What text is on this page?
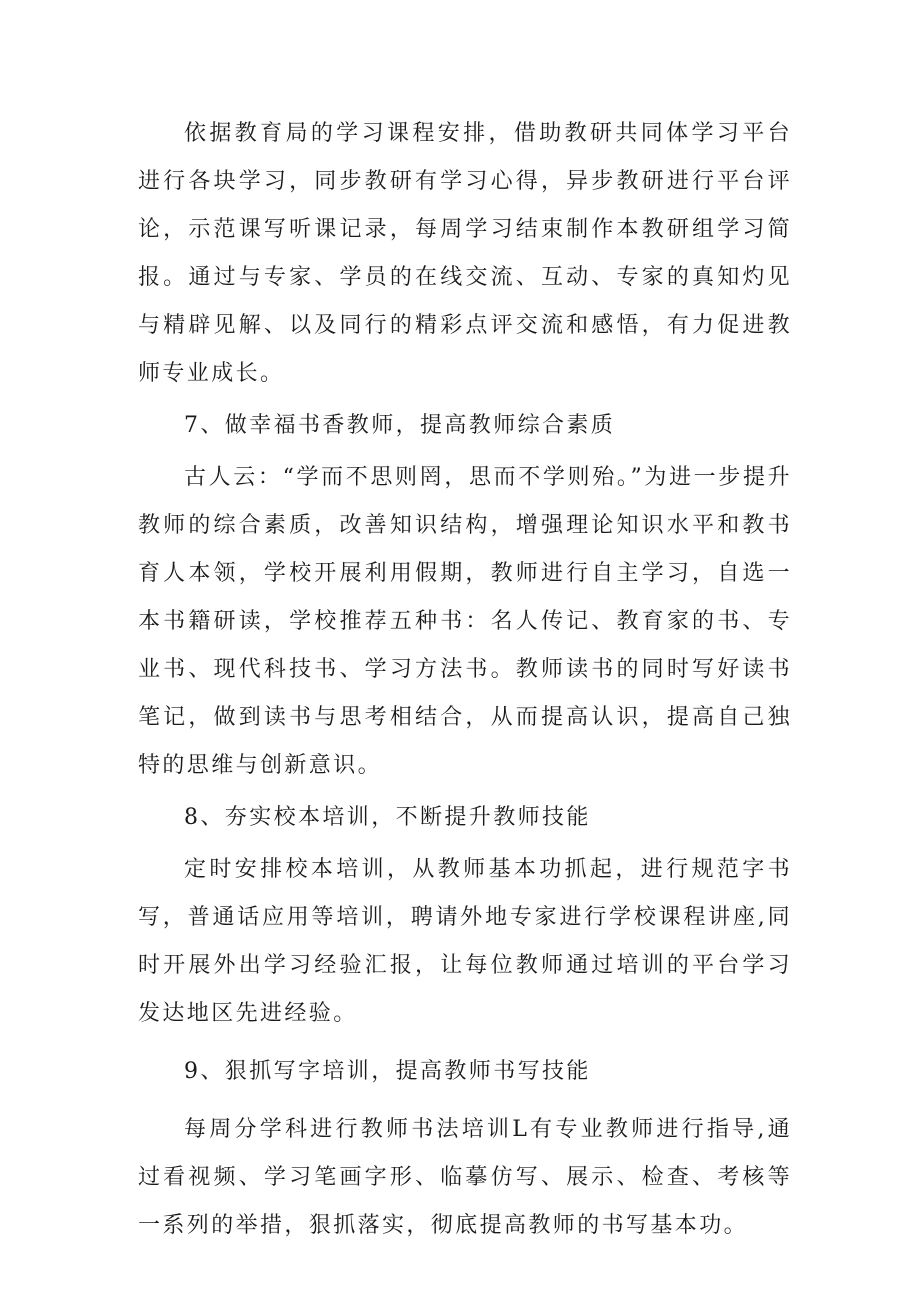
依据教育局的学习课程安排，借助教研共同体学习平台进行各块学习，同步教研有学习心得，异步教研进行平台评论，示范课写听课记录，每周学习结束制作本教研组学习简报。通过与专家、学员的在线交流、互动、专家的真知灼见与精辟见解、以及同行的精彩点评交流和感悟，有力促进教师专业成长。

7、做幸福书香教师，提高教师综合素质

古人云：“学而不思则罔，思而不学则殆。”为进一步提升教师的综合素质，改善知识结构，增强理论知识水平和教书育人本领，学校开展利用假期，教师进行自主学习，自选一本书籍研读，学校推荐五种书：名人传记、教育家的书、专业书、现代科技书、学习方法书。教师读书的同时写好读书笔记，做到读书与思考相结合，从而提高认识，提高自己独特的思维与创新意识。

8、夯实校本培训，不断提升教师技能

定时安排校本培训，从教师基本功抓起，进行规范字书写，普通话应用等培训，聘请外地专家进行学校课程讲座,同时开展外出学习经验汇报，让每位教师通过培训的平台学习发达地区先进经验。

9、狠抓写字培训，提高教师书写技能

每周分学科进行教师书法培训L有专业教师进行指导,通过看视频、学习笔画字形、临摹仿写、展示、检查、考核等一系列的举措，狠抓落实，彻底提高教师的书写基本功。
